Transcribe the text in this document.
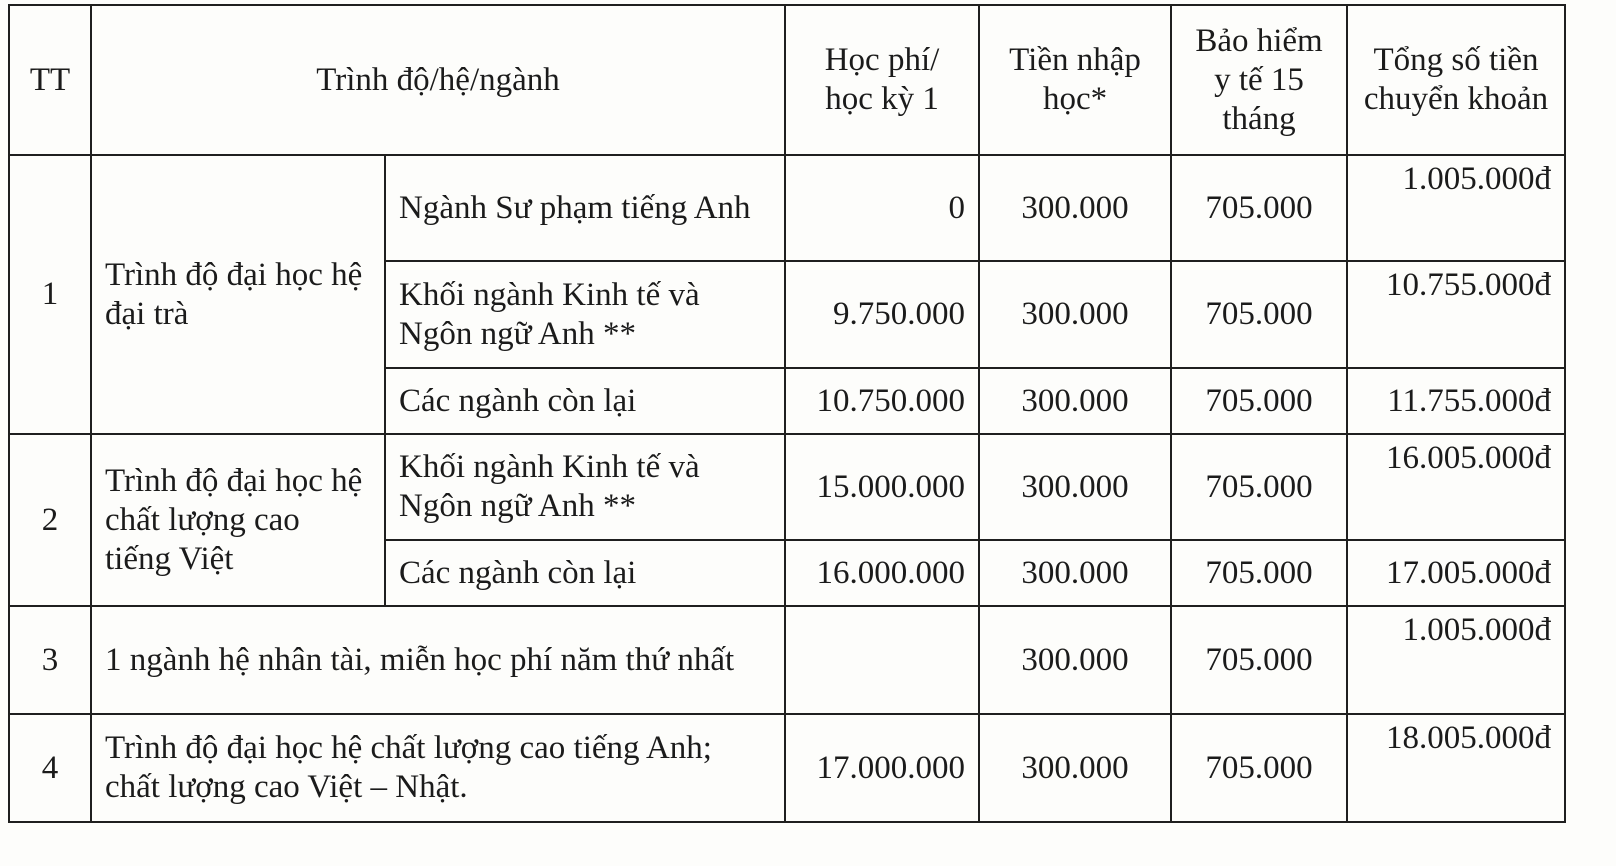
TT	Trình độ/hệ/ngành		Học phí/ học kỳ 1	Tiền nhập học*	Bảo hiểm y tế 15 tháng	Tổng số tiền chuyển khoản
1	Trình độ đại học hệ đại trà	Ngành Sư phạm tiếng Anh	0	300.000	705.000	1.005.000đ
		Khối ngành Kinh tế và Ngôn ngữ Anh **	9.750.000	300.000	705.000	10.755.000đ
		Các ngành còn lại	10.750.000	300.000	705.000	11.755.000đ
2	Trình độ đại học hệ chất lượng cao tiếng Việt	Khối ngành Kinh tế và Ngôn ngữ Anh **	15.000.000	300.000	705.000	16.005.000đ
		Các ngành còn lại	16.000.000	300.000	705.000	17.005.000đ
3	1 ngành hệ nhân tài, miễn học phí năm thứ nhất			300.000	705.000	1.005.000đ
4	Trình độ đại học hệ chất lượng cao tiếng Anh; chất lượng cao Việt – Nhật.		17.000.000	300.000	705.000	18.005.000đ
